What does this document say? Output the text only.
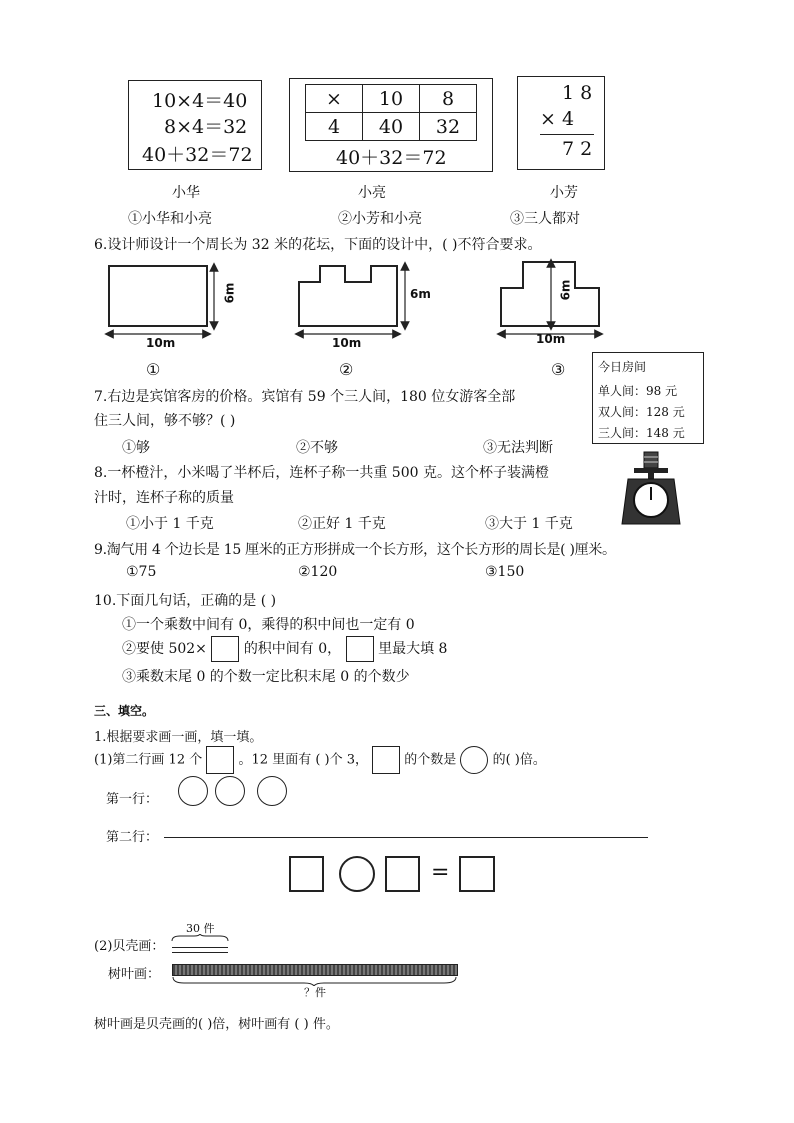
10×4＝40
8×4＝32
40＋32＝72
×	10	8
4	40	32
40＋32＝72
1 8
× 4
7 2
小华	小亮	小芳
①小华和小亮	②小芳和小亮	③三人都对
6.设计师设计一个周长为 32 米的花坛，下面的设计中，( )不符合要求。
6m
10m
6m
10m
6m
10m
①	②	③	今日房间
单人间：98 元
双人间：128 元
三人间：148 元
7.右边是宾馆客房的价格。宾馆有 59 个三人间，180 位女游客全部
住三人间，够不够？( )
①够	②不够	③无法判断
8.一杯橙汁，小米喝了半杯后，连杯子称一共重 500 克。这个杯子装满橙
汁时，连杯子称的质量
①小于 1 千克	②正好 1 千克	③大于 1 千克
9.淘气用 4 个边长是 15 厘米的正方形拼成一个长方形，这个长方形的周长是( )厘米。
①75	②120	③150
10.下面几句话，正确的是 ( )
①一个乘数中间有 0，乘得的积中间也一定有 0
②要使 502×	的积中间有 0，	里最大填 8
③乘数末尾 0 的个数一定比积末尾 0 的个数少
三、填空。
1.根据要求画一画，填一填。
(1)第二行画 12 个	。12 里面有 ( )个 3，	的个数是	的( )倍。
第一行：
第二行：
=
30 件
(2)贝壳画：
树叶画：
？件
树叶画是贝壳画的( )倍，树叶画有 ( ) 件。
